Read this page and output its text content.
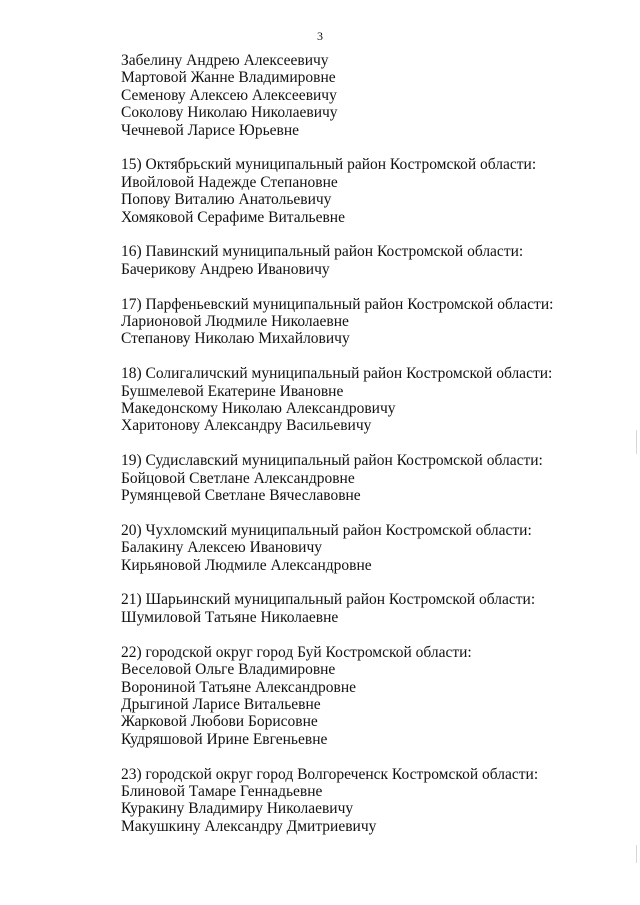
3
Забелину Андрею Алексеевичу
Мартовой Жанне Владимировне
Семенову Алексею Алексеевичу
Соколову Николаю Николаевичу
Чечневой Ларисе Юрьевне
15) Октябрьский муниципальный район Костромской области:
Ивойловой Надежде Степановне
Попову Виталию Анатольевичу
Хомяковой Серафиме Витальевне
16) Павинский муниципальный район Костромской области:
Бачерикову Андрею Ивановичу
17) Парфеньевский муниципальный район Костромской области:
Ларионовой Людмиле Николаевне
Степанову Николаю Михайловичу
18) Солигаличский муниципальный район Костромской области:
Бушмелевой Екатерине Ивановне
Македонскому Николаю Александровичу
Харитонову Александру Васильевичу
19) Судиславский муниципальный район Костромской области:
Бойцовой Светлане Александровне
Румянцевой Светлане Вячеславовне
20) Чухломский муниципальный район Костромской области:
Балакину Алексею Ивановичу
Кирьяновой Людмиле Александровне
21) Шарьинский муниципальный район Костромской области:
Шумиловой Татьяне Николаевне
22) городской округ город Буй Костромской области:
Веселовой Ольге Владимировне
Ворониной Татьяне Александровне
Дрыгиной Ларисе Витальевне
Жарковой Любови Борисовне
Кудряшовой Ирине Евгеньевне
23) городской округ город Волгореченск Костромской области:
Блиновой Тамаре Геннадьевне
Куракину Владимиру Николаевичу
Макушкину Александру Дмитриевичу
